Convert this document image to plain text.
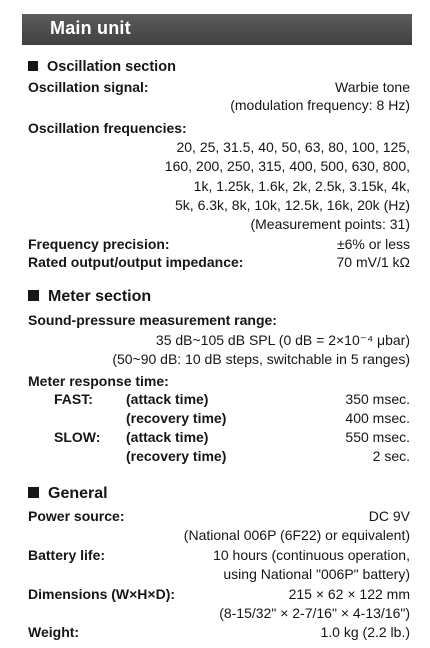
Main unit
Oscillation section
Oscillation signal:	Warbie tone
(modulation frequency: 8 Hz)
Oscillation frequencies:
20, 25, 31.5, 40, 50, 63, 80, 100, 125,
160, 200, 250, 315, 400, 500, 630, 800,
1k, 1.25k, 1.6k, 2k, 2.5k, 3.15k, 4k,
5k, 6.3k, 8k, 10k, 12.5k, 16k, 20k (Hz)
(Measurement points: 31)
Frequency precision:	±6% or less
Rated output/output impedance:	70 mV/1 kΩ
Meter section
Sound-pressure measurement range:
35 dB~105 dB SPL (0 dB = 2×10⁻⁴ μbar)
(50~90 dB: 10 dB steps, switchable in 5 ranges)
Meter response time:
FAST: (attack time)	350 msec.
(recovery time)	400 msec.
SLOW: (attack time)	550 msec.
(recovery time)	2 sec.
General
Power source:	DC 9V
(National 006P (6F22) or equivalent)
Battery life:	10 hours (continuous operation,
using National "006P" battery)
Dimensions (W×H×D):	215 × 62 × 122 mm
(8-15/32" × 2-7/16" × 4-13/16")
Weight:	1.0 kg (2.2 lb.)
